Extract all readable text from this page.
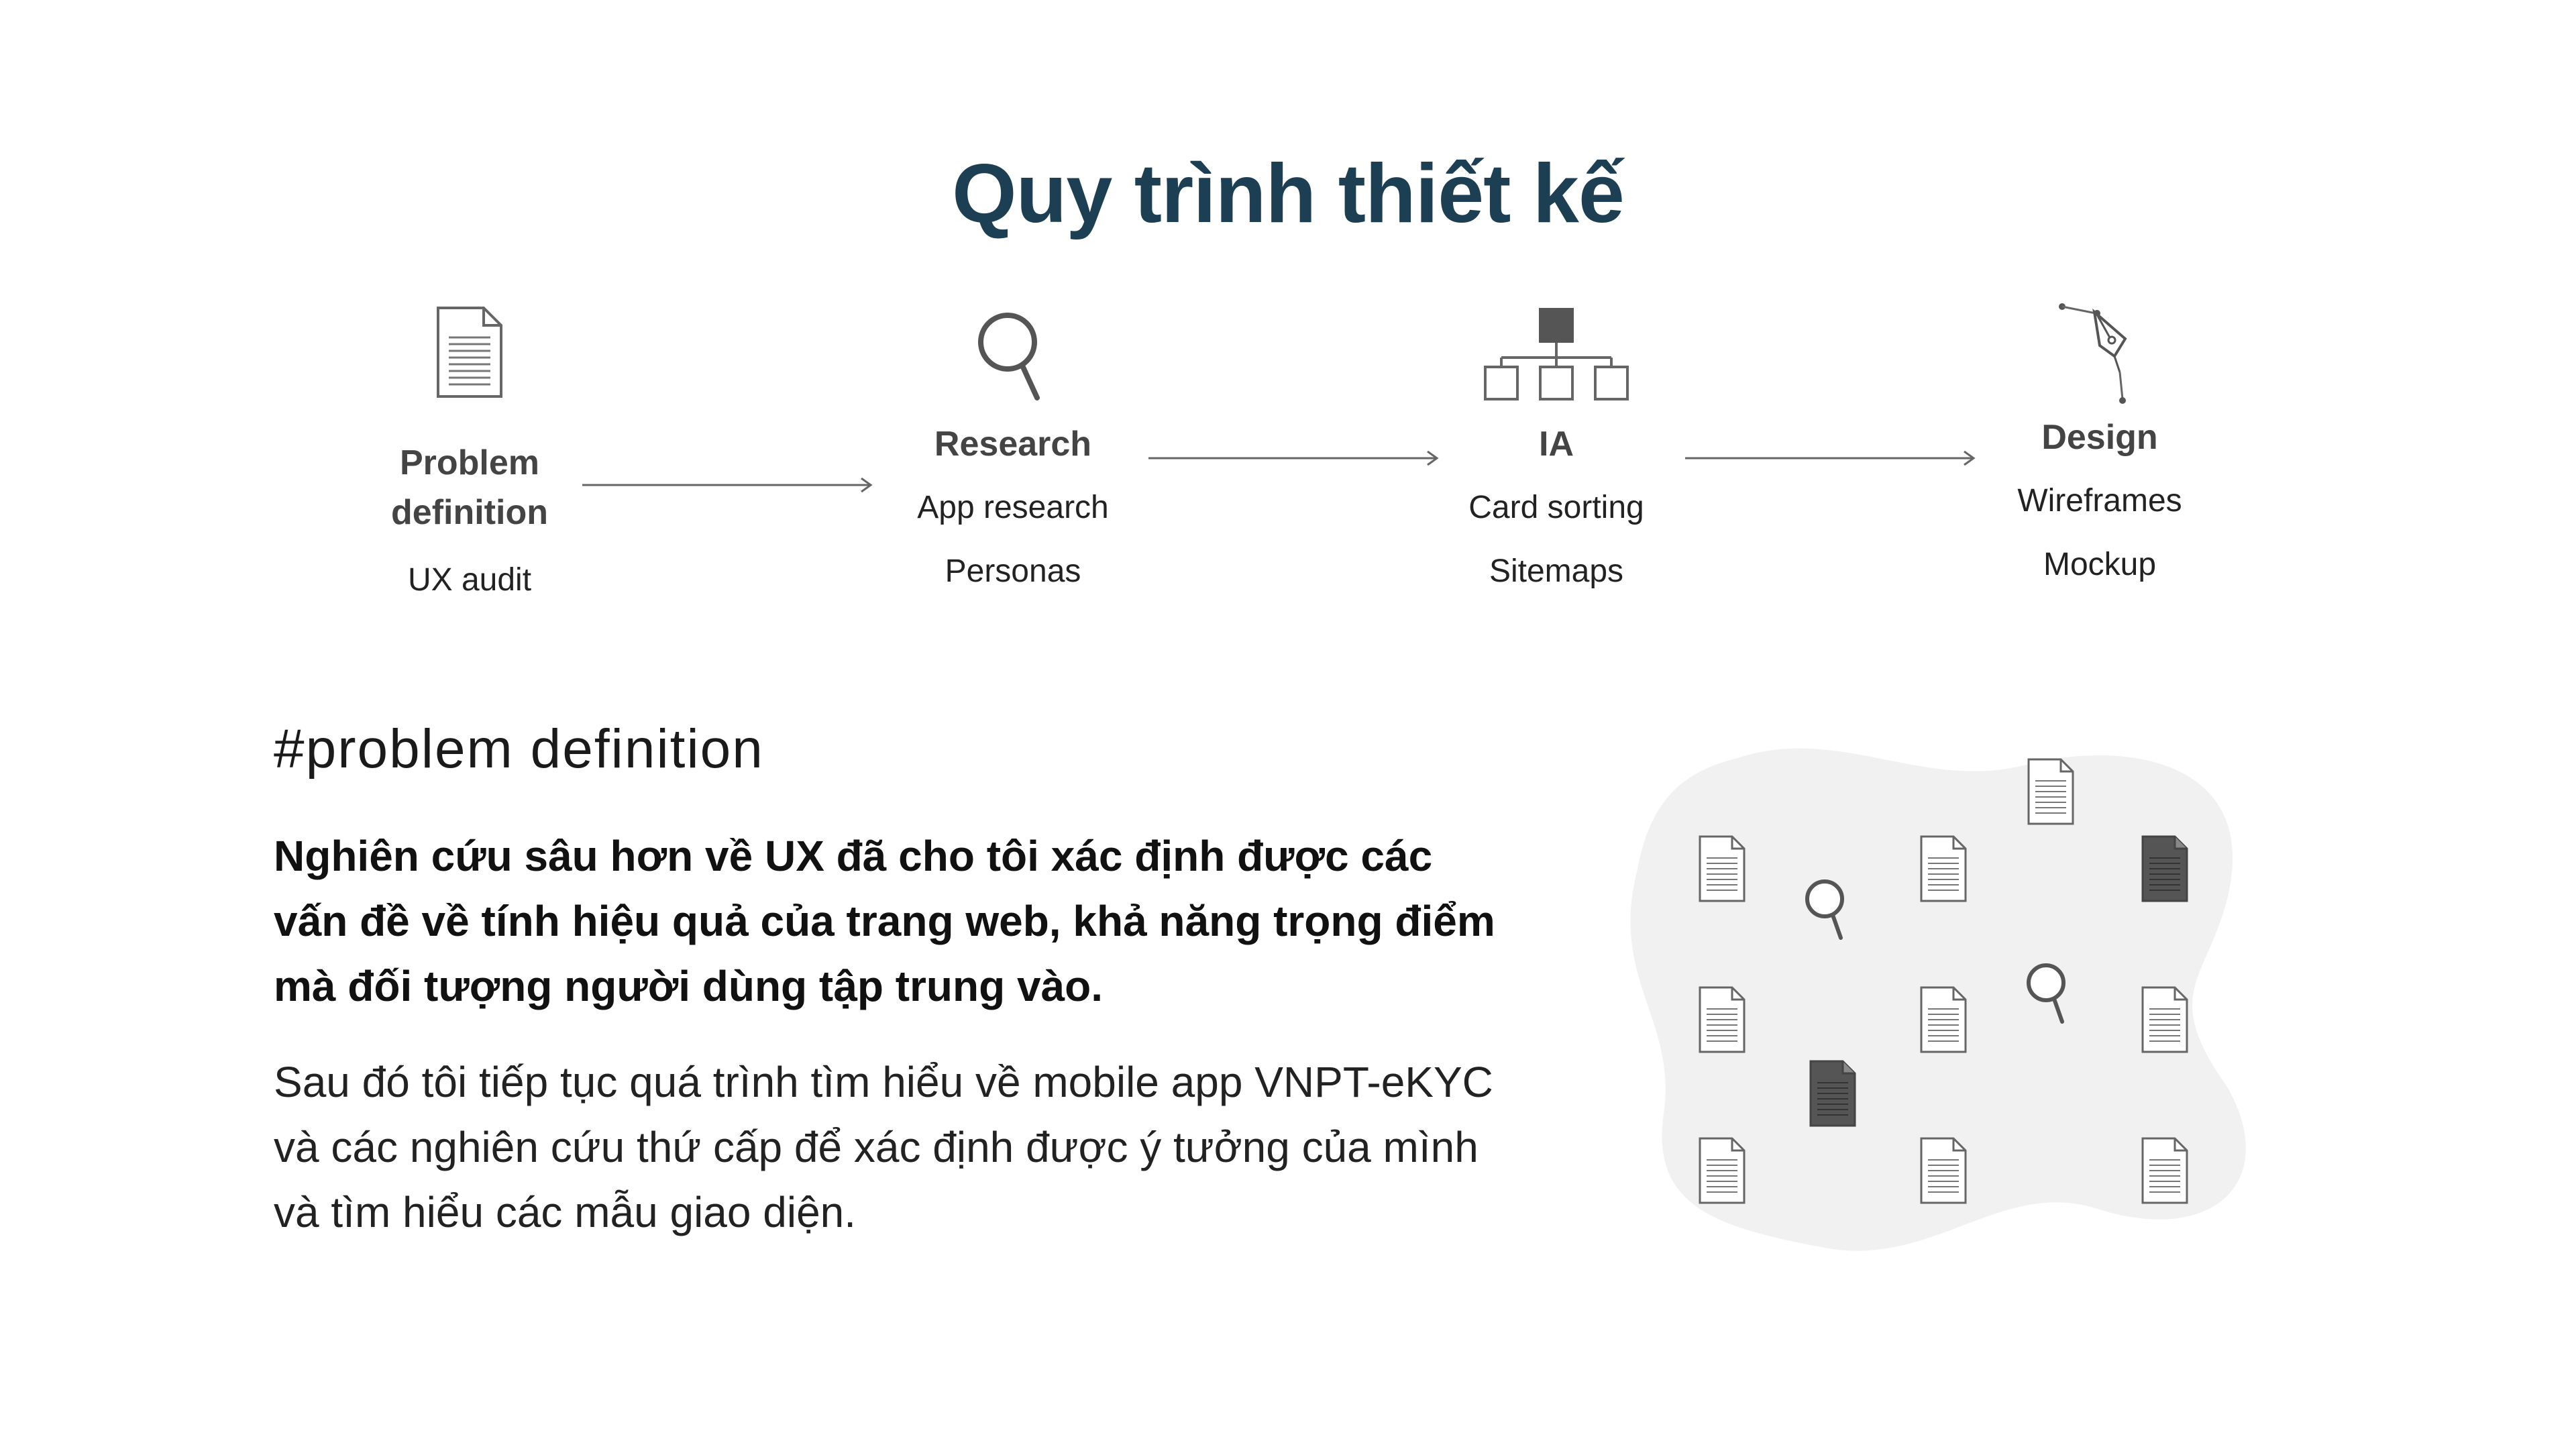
Quy trình thiết kế
Problem
definition
UX audit
Research
App research
Personas
IA
Card sorting
Sitemaps
Design
Wireframes
Mockup
#problem definition
Nghiên cứu sâu hơn về UX đã cho tôi xác định được các vấn đề về tính hiệu quả của trang web, khả năng trọng điểm mà đối tượng người dùng tập trung vào.
Sau đó tôi tiếp tục quá trình tìm hiểu về mobile app VNPT-eKYC và các nghiên cứu thứ cấp để xác định được ý tưởng của mình và tìm hiểu các mẫu giao diện.
